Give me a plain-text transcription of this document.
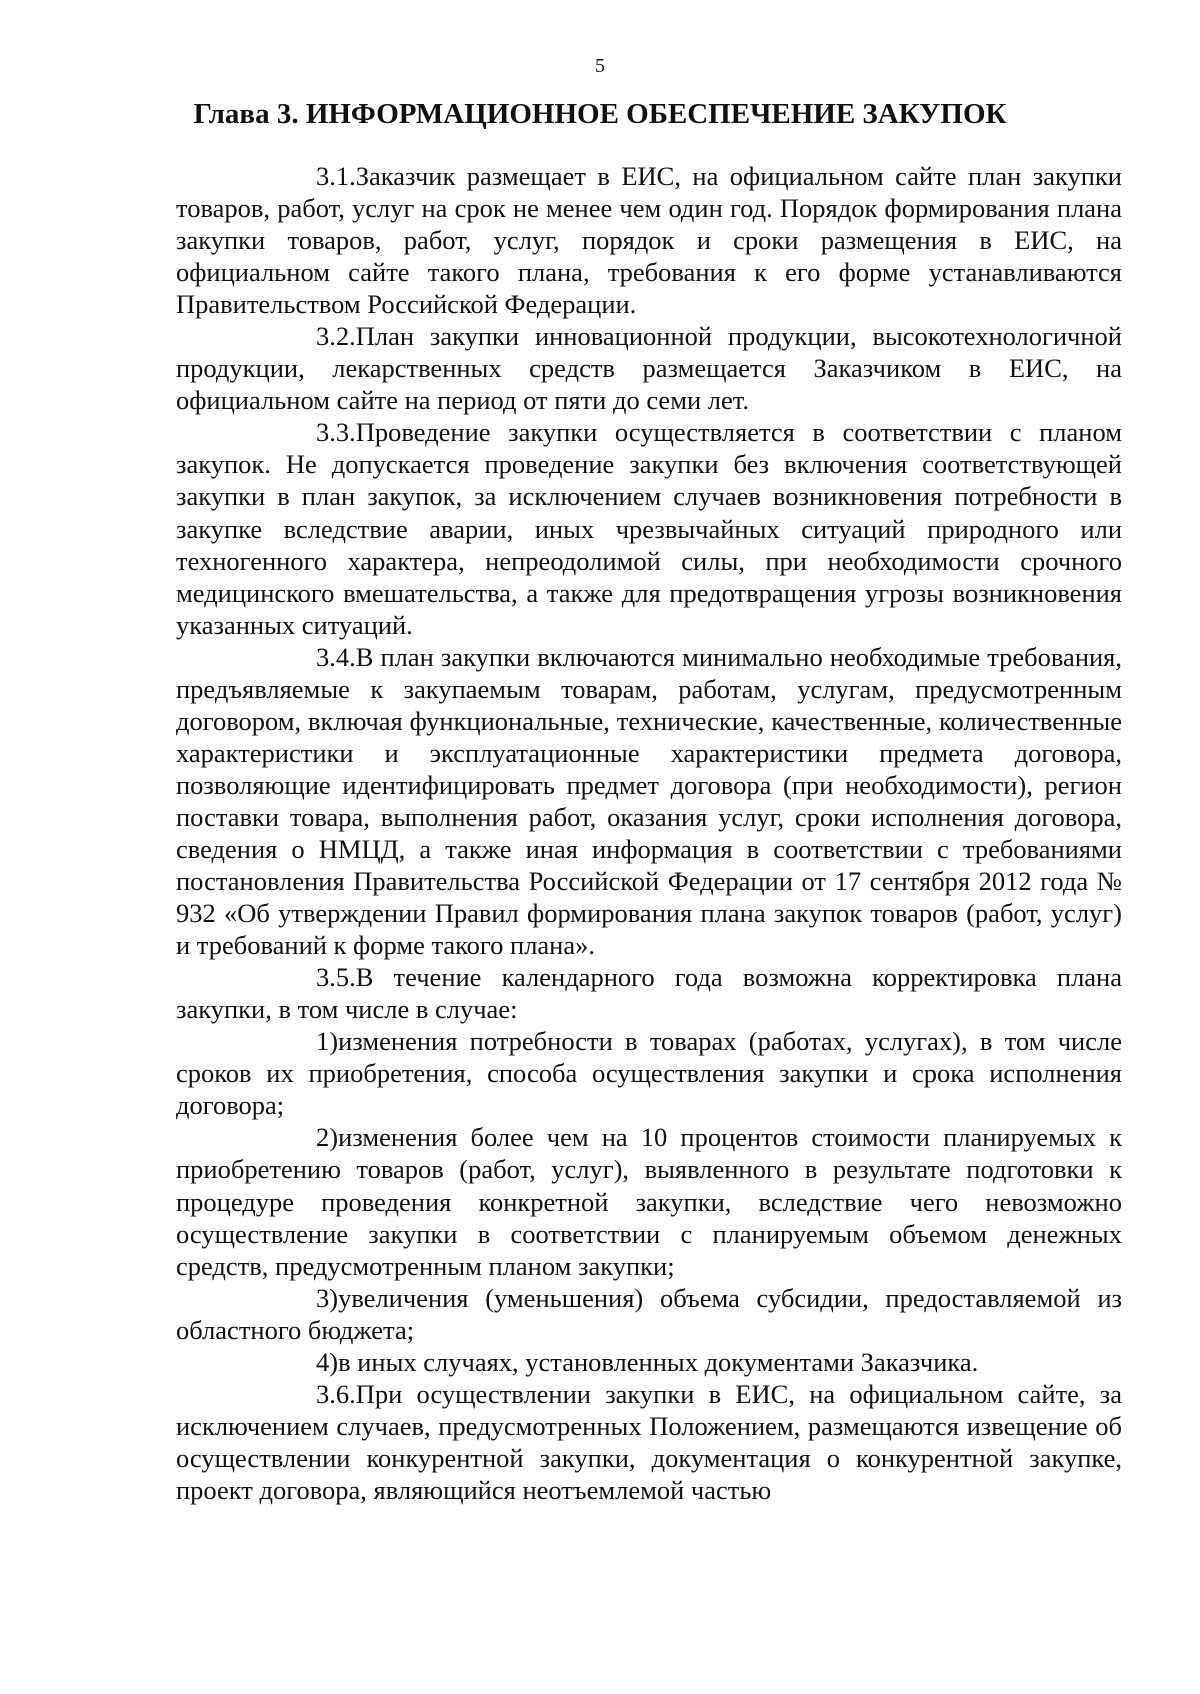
5
Глава 3. ИНФОРМАЦИОННОЕ ОБЕСПЕЧЕНИЕ ЗАКУПОК

3.1.Заказчик размещает в ЕИС, на официальном сайте план закупки товаров, работ, услуг на срок не менее чем один год. Порядок формирования плана закупки товаров, работ, услуг, порядок и сроки размещения в ЕИС, на официальном сайте такого плана, требования к его форме устанавливаются Правительством Российской Федерации.

3.2.План закупки инновационной продукции, высокотехнологичной продукции, лекарственных средств размещается Заказчиком в ЕИС, на официальном сайте на период от пяти до семи лет.

3.3.Проведение закупки осуществляется в соответствии с планом закупок. Не допускается проведение закупки без включения соответствующей закупки в план закупок, за исключением случаев возникновения потребности в закупке вследствие аварии, иных чрезвычайных ситуаций природного или техногенного характера, непреодолимой силы, при необходимости срочного медицинского вмешательства, а также для предотвращения угрозы возникновения указанных ситуаций.

3.4.В план закупки включаются минимально необходимые требования, предъявляемые к закупаемым товарам, работам, услугам, предусмотренным договором, включая функциональные, технические, качественные, количественные характеристики и эксплуатационные характеристики предмета договора, позволяющие идентифицировать предмет договора (при необходимости), регион поставки товара, выполнения работ, оказания услуг, сроки исполнения договора, сведения о НМЦД, а также иная информация в соответствии с требованиями постановления Правительства Российской Федерации от 17 сентября 2012 года № 932 «Об утверждении Правил формирования плана закупок товаров (работ, услуг) и требований к форме такого плана».

3.5.В течение календарного года возможна корректировка плана закупки, в том числе в случае:

1)изменения потребности в товарах (работах, услугах), в том числе сроков их приобретения, способа осуществления закупки и срока исполнения договора;

2)изменения более чем на 10 процентов стоимости планируемых к приобретению товаров (работ, услуг), выявленного в результате подготовки к процедуре проведения конкретной закупки, вследствие чего невозможно осуществление закупки в соответствии с планируемым объемом денежных средств, предусмотренным планом закупки;

3)увеличения (уменьшения) объема субсидии, предоставляемой из областного бюджета;

4)в иных случаях, установленных документами Заказчика.

3.6.При осуществлении закупки в ЕИС, на официальном сайте, за исключением случаев, предусмотренных Положением, размещаются извещение об осуществлении конкурентной закупки, документация о конкурентной закупке, проект договора, являющийся неотъемлемой частью
